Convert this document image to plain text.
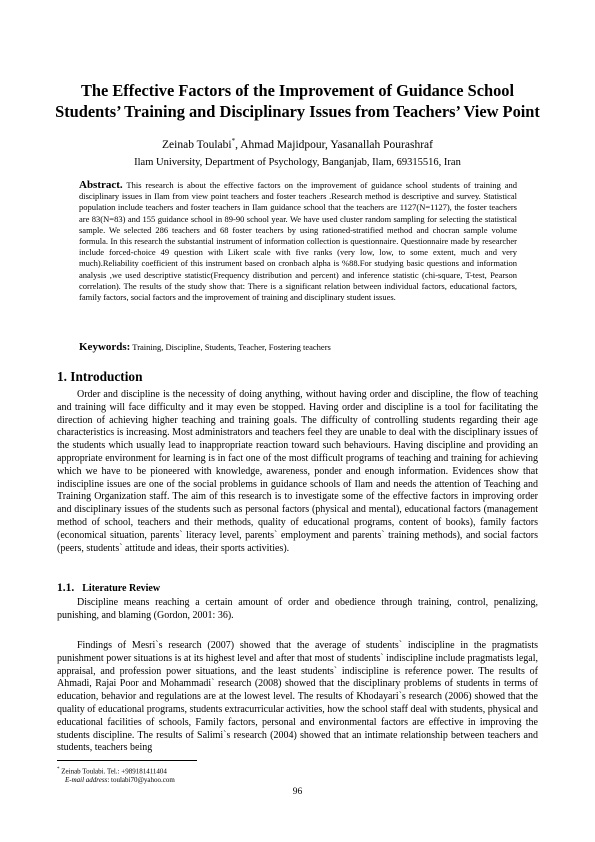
The Effective Factors of the Improvement of Guidance School
Students’ Training and Disciplinary Issues from Teachers’ View Point
Zeinab Toulabi*, Ahmad Majidpour, Yasanallah Pourashraf
Ilam University, Department of Psychology, Banganjab, Ilam, 69315516, Iran
Abstract. This research is about the effective factors on the improvement of guidance school students of training and disciplinary issues in Ilam from view point teachers and foster teachers .Research method is descriptive and survey. Statistical population include teachers and foster teachers in Ilam guidance school that the teachers are 1127(N=1127), the foster teachers are 83(N=83) and 155 guidance school in 89-90 school year. We have used cluster random sampling for selecting the statistical sample. We selected 286 teachers and 68 foster teachers by using rationed-stratified method and chocran sample volume formula. In this research the substantial instrument of information collection is questionnaire. Questionnaire made by researcher include forced-choice 49 question with Likert scale with five ranks (very low, low, to some extent, much and very much).Reliability coefficient of this instrument based on cronbach alpha is %88.For studying basic questions and information analysis ,we used descriptive statistic(Frequency distribution and percent) and inference statistic (chi-square, T-test, Pearson correlation). The results of the study show that: There is a significant relation between individual factors, educational factors, family factors, social factors and the improvement of training and disciplinary student issues.
Keywords: Training, Discipline, Students, Teacher, Fostering teachers
1. Introduction

Order and discipline is the necessity of doing anything, without having order and discipline, the flow of teaching and training will face difficulty and it may even be stopped. Having order and discipline is a tool for facilitating the direction of achieving higher teaching and training goals. The difficulty of controlling students regarding their age characteristics is increasing. Most administrators and teachers feel they are unable to deal with the disciplinary issues of the students which usually lead to inappropriate reaction toward such behaviours. Having discipline and providing an appropriate environment for learning is in fact one of the most difficult programs of teaching and training for achieving which we have to be pioneered with knowledge, awareness, ponder and enough information. Evidences show that indiscipline issues are one of the social problems in guidance schools of Ilam and needs the attention of Teaching and Training Organization staff. The aim of this research is to investigate some of the effective factors in improving order and disciplinary issues of the students such as personal factors (physical and mental), educational factors (management method of school, teachers and their methods, quality of educational programs, content of books), family factors (economical situation, parents` literacy level, parents` employment and parents` training methods), and social factors (peers, students` attitude and ideas, their sports activities).

1.1. Literature Review

Discipline means reaching a certain amount of order and obedience through training, control, penalizing, punishing, and blaming (Gordon, 2001: 36).

Findings of Mesri`s research (2007) showed that the average of students` indiscipline in the pragmatists punishment power situations is at its highest level and after that most of students` indiscipline include pragmatists legal, appraisal, and profession power situations, and the least students` indiscipline is reference power. The results of Ahmadi, Rajai Poor and Mohammadi` research (2008) showed that the disciplinary problems of students in terms of education, behavior and regulations are at the lowest level. The results of Khodayari`s research (2006) showed that the quality of educational programs, students extracurricular activities, how the school staff deal with students, physical and educational facilities of schools, Family factors, personal and environmental factors are effective in improving the students discipline. The results of Salimi`s research (2004) showed that an intimate relationship between teachers and students, teachers being

* Zeinab Toulabi. Tel.: +989181411404
E-mail address: toulabi70@yahoo.com
96
